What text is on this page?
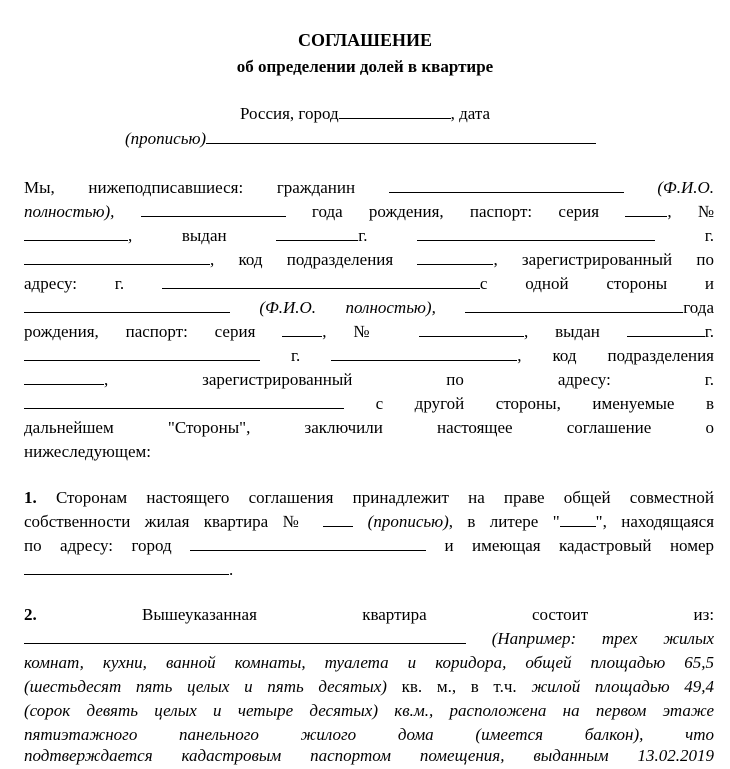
СОГЛАШЕНИЕ
об определении долей в квартире
Россия, город	, дата
(прописью)
Мы, нижеподписавшиеся: гражданин	(Ф.И.О.
полностью),	года рождения, паспорт: серия	, №
,	выдан	г.	г.
, код подразделения	, зарегистрированный по
адресу: г.	с одной стороны и
(Ф.И.О. полностью),	года
рождения, паспорт: серия	, №	, выдан	г.
г.	, код подразделения
,	зарегистрированный	по	адресу:	г.
с другой стороны, именуемые в
дальнейшем "Стороны", заключили настоящее соглашение о
нижеследующем:
1. Сторонам настоящего соглашения принадлежит на праве общей совместной
собственности жилая квартира №	(прописью), в литере " ", находящаяся
по адресу: город	и имеющая кадастровый номер
.
2.	Вышеуказанная	квартира	состоит	из:
(Например: трех жилых
комнат, кухни, ванной комнаты, туалета и коридора, общей площадью 65,5
(шестьдесят пять целых и пять десятых) кв. м., в т.ч. жилой площадью 49,4
(сорок девять целых и четыре десятых) кв.м., расположена на первом этаже
пятиэтажного панельного жилого дома (имеется балкон), что
подтверждается кадастровым паспортом помещения, выданным 13.02.2019
